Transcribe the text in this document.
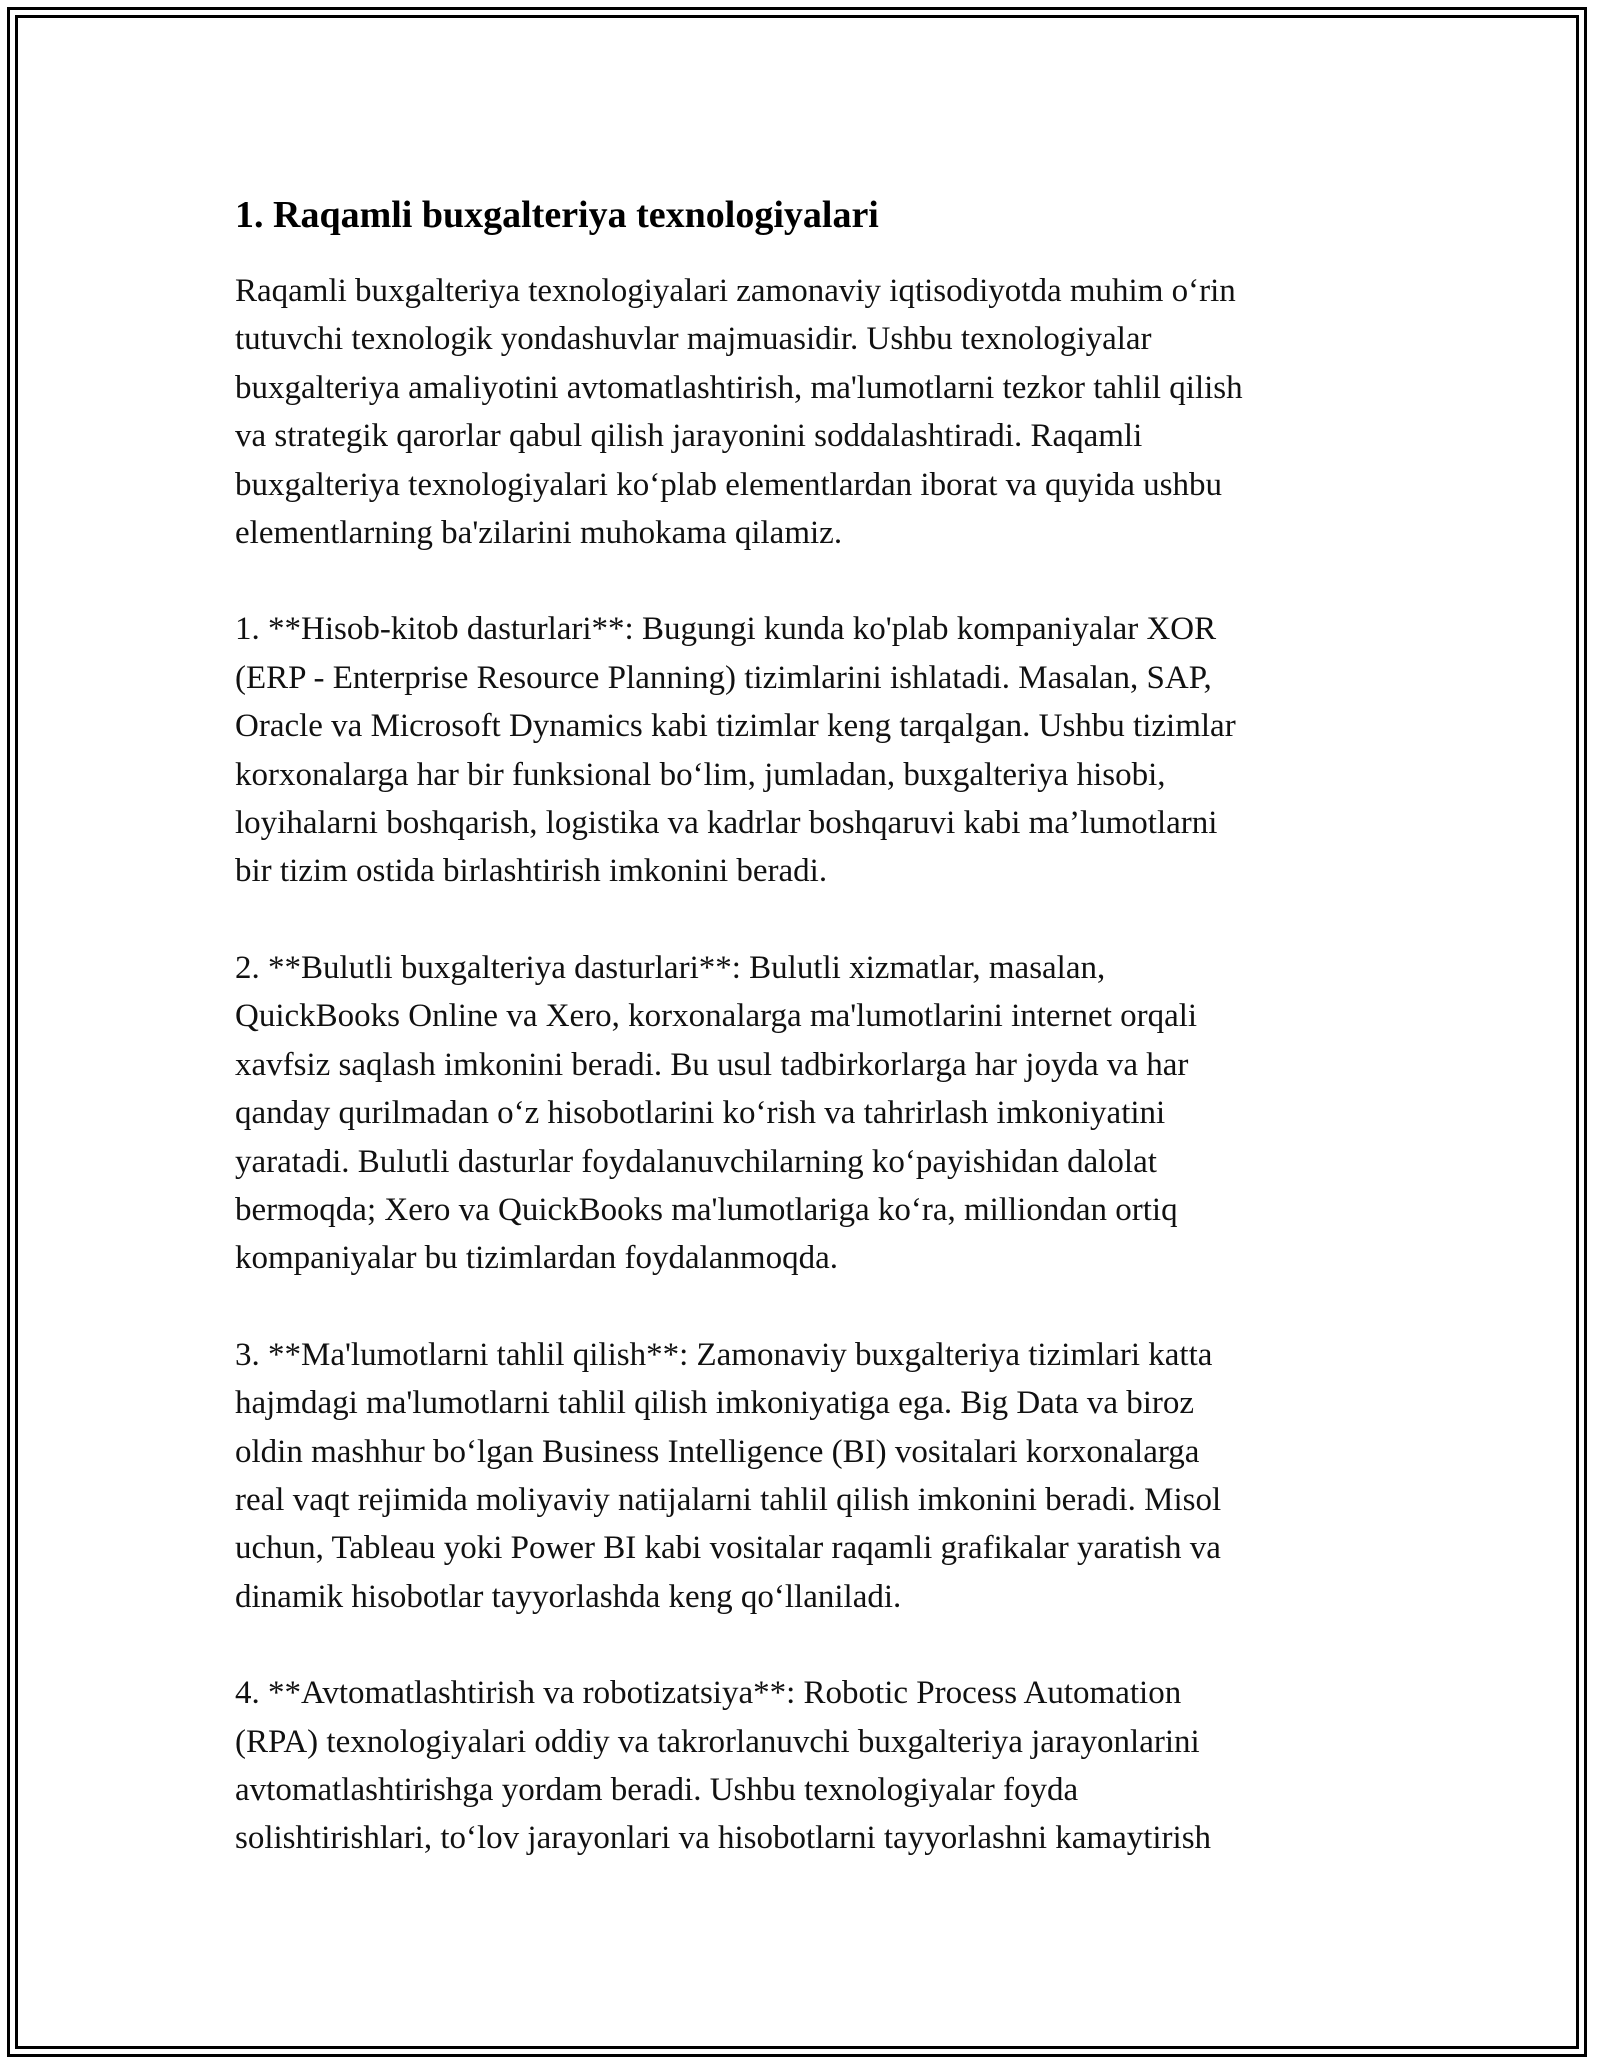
1. Raqamli buxgalteriya texnologiyalari

Raqamli buxgalteriya texnologiyalari zamonaviy iqtisodiyotda muhim o‘rin
tutuvchi texnologik yondashuvlar majmuasidir. Ushbu texnologiyalar
buxgalteriya amaliyotini avtomatlashtirish, ma'lumotlarni tezkor tahlil qilish
va strategik qarorlar qabul qilish jarayonini soddalashtiradi. Raqamli
buxgalteriya texnologiyalari ko‘plab elementlardan iborat va quyida ushbu
elementlarning ba'zilarini muhokama qilamiz.

1. **Hisob-kitob dasturlari**: Bugungi kunda ko'plab kompaniyalar XOR
(ERP - Enterprise Resource Planning) tizimlarini ishlatadi. Masalan, SAP,
Oracle va Microsoft Dynamics kabi tizimlar keng tarqalgan. Ushbu tizimlar
korxonalarga har bir funksional bo‘lim, jumladan, buxgalteriya hisobi,
loyihalarni boshqarish, logistika va kadrlar boshqaruvi kabi ma’lumotlarni
bir tizim ostida birlashtirish imkonini beradi.

2. **Bulutli buxgalteriya dasturlari**: Bulutli xizmatlar, masalan,
QuickBooks Online va Xero, korxonalarga ma'lumotlarini internet orqali
xavfsiz saqlash imkonini beradi. Bu usul tadbirkorlarga har joyda va har
qanday qurilmadan o‘z hisobotlarini ko‘rish va tahrirlash imkoniyatini
yaratadi. Bulutli dasturlar foydalanuvchilarning ko‘payishidan dalolat
bermoqda; Xero va QuickBooks ma'lumotlariga ko‘ra, milliondan ortiq
kompaniyalar bu tizimlardan foydalanmoqda.

3. **Ma'lumotlarni tahlil qilish**: Zamonaviy buxgalteriya tizimlari katta
hajmdagi ma'lumotlarni tahlil qilish imkoniyatiga ega. Big Data va biroz
oldin mashhur bo‘lgan Business Intelligence (BI) vositalari korxonalarga
real vaqt rejimida moliyaviy natijalarni tahlil qilish imkonini beradi. Misol
uchun, Tableau yoki Power BI kabi vositalar raqamli grafikalar yaratish va
dinamik hisobotlar tayyorlashda keng qo‘llaniladi.

4. **Avtomatlashtirish va robotizatsiya**: Robotic Process Automation
(RPA) texnologiyalari oddiy va takrorlanuvchi buxgalteriya jarayonlarini
avtomatlashtirishga yordam beradi. Ushbu texnologiyalar foyda
solishtirishlari, to‘lov jarayonlari va hisobotlarni tayyorlashni kamaytirish
